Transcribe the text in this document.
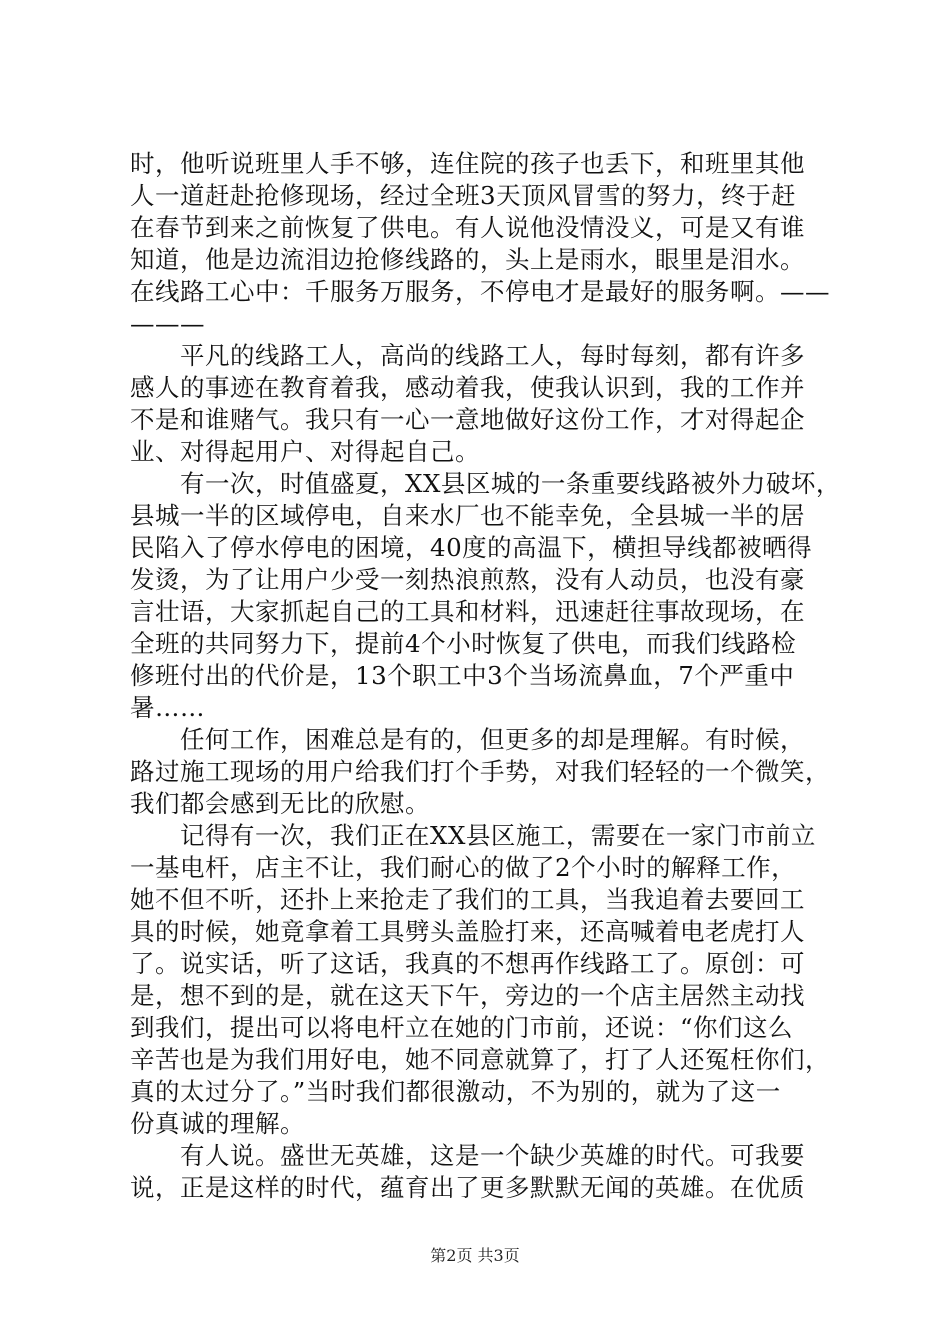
时，他听说班里人手不够，连住院的孩子也丢下，和班里其他
人一道赶赴抢修现场，经过全班3天顶风冒雪的努力，终于赶
在春节到来之前恢复了供电。有人说他没情没义，可是又有谁
知道，他是边流泪边抢修线路的，头上是雨水，眼里是泪水。
在线路工心中：千服务万服务，不停电才是最好的服务啊。——
———
平凡的线路工人，高尚的线路工人，每时每刻，都有许多
感人的事迹在教育着我，感动着我，使我认识到，我的工作并
不是和谁赌气。我只有一心一意地做好这份工作，才对得起企
业、对得起用户、对得起自己。
有一次，时值盛夏，XX县区城的一条重要线路被外力破坏，
县城一半的区域停电，自来水厂也不能幸免，全县城一半的居
民陷入了停水停电的困境，40度的高温下，横担导线都被晒得
发烫，为了让用户少受一刻热浪煎熬，没有人动员，也没有豪
言壮语，大家抓起自己的工具和材料，迅速赶往事故现场，在
全班的共同努力下，提前4个小时恢复了供电，而我们线路检
修班付出的代价是，13个职工中3个当场流鼻血，7个严重中
暑……
任何工作，困难总是有的，但更多的却是理解。有时候，
路过施工现场的用户给我们打个手势，对我们轻轻的一个微笑，
我们都会感到无比的欣慰。
记得有一次，我们正在XX县区施工，需要在一家门市前立
一基电杆，店主不让，我们耐心的做了2个小时的解释工作，
她不但不听，还扑上来抢走了我们的工具，当我追着去要回工
具的时候，她竟拿着工具劈头盖脸打来，还高喊着电老虎打人
了。说实话，听了这话，我真的不想再作线路工了。原创：可
是，想不到的是，就在这天下午，旁边的一个店主居然主动找
到我们，提出可以将电杆立在她的门市前，还说：“你们这么
辛苦也是为我们用好电，她不同意就算了，打了人还冤枉你们，
真的太过分了。”当时我们都很激动，不为别的，就为了这一
份真诚的理解。
有人说。盛世无英雄，这是一个缺少英雄的时代。可我要
说，正是这样的时代，蕴育出了更多默默无闻的英雄。在优质
第2页 共3页
